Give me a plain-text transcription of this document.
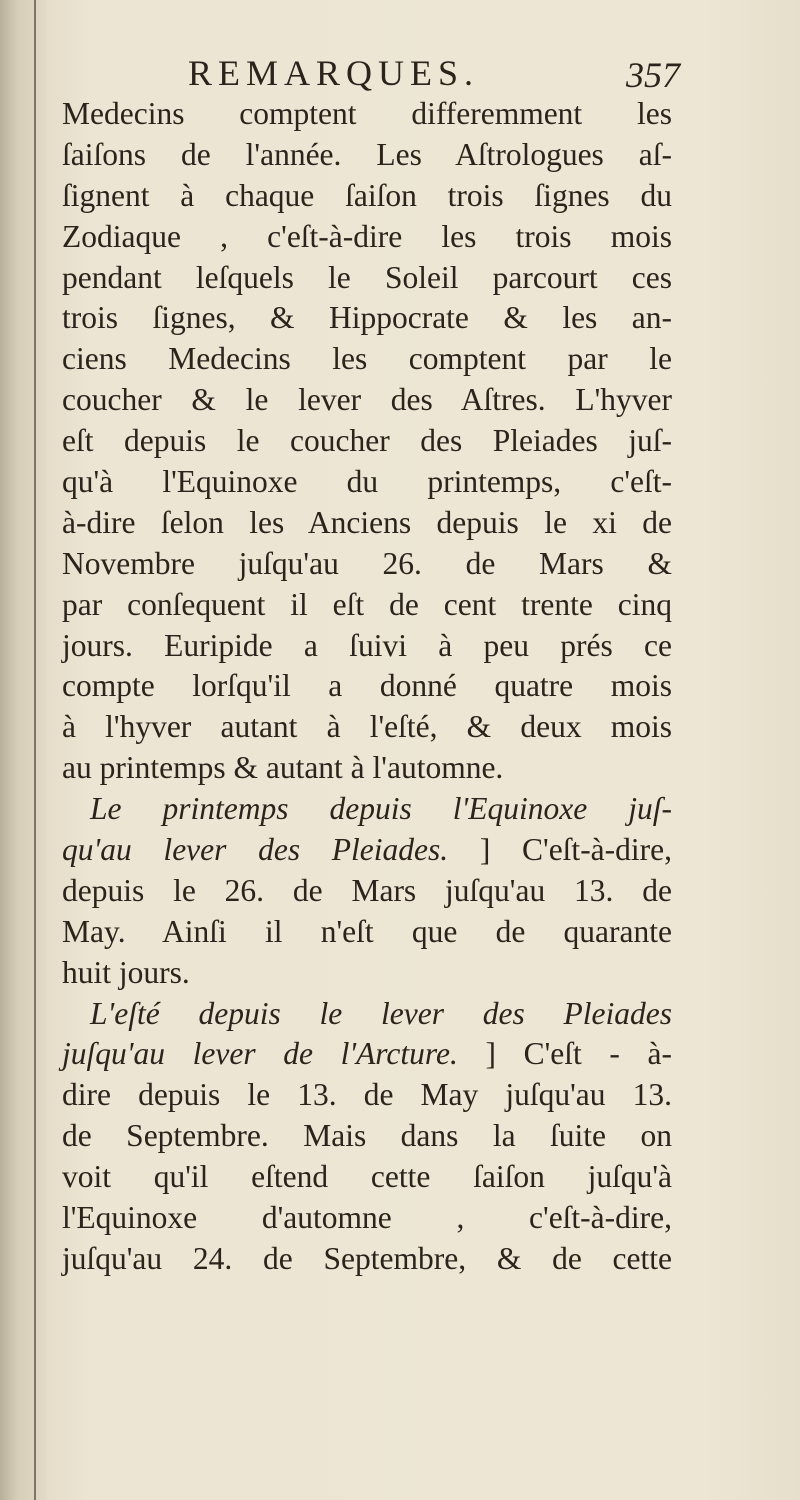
REMARQUES.	357
Medecins comptent differemment les
ſaiſons de l'année. Les Aſtrologues aſ-
ſignent à chaque ſaiſon trois ſignes du
Zodiaque , c'eſt-à-dire les trois mois
pendant leſquels le Soleil parcourt ces
trois ſignes, & Hippocrate & les an-
ciens Medecins les comptent par le
coucher & le lever des Aſtres. L'hyver
eſt depuis le coucher des Pleiades juſ-
qu'à l'Equinoxe du printemps, c'eſt-
à-dire ſelon les Anciens depuis le xi de
Novembre juſqu'au 26. de Mars &
par conſequent il eſt de cent trente cinq
jours. Euripide a ſuivi à peu prés ce
compte lorſqu'il a donné quatre mois
à l'hyver autant à l'eſté, & deux mois
au printemps & autant à l'automne.
Le printemps depuis l'Equinoxe juſ-
qu'au lever des Pleiades. ] C'eſt-à-dire,
depuis le 26. de Mars juſqu'au 13. de
May. Ainſi il n'eſt que de quarante
huit jours.
L'eſté depuis le lever des Pleiades
juſqu'au lever de l'Arcture. ] C'eſt - à-
dire depuis le 13. de May juſqu'au 13.
de Septembre. Mais dans la ſuite on
voit qu'il eſtend cette ſaiſon juſqu'à
l'Equinoxe d'automne , c'eſt-à-dire,
juſqu'au 24. de Septembre, & de cette
